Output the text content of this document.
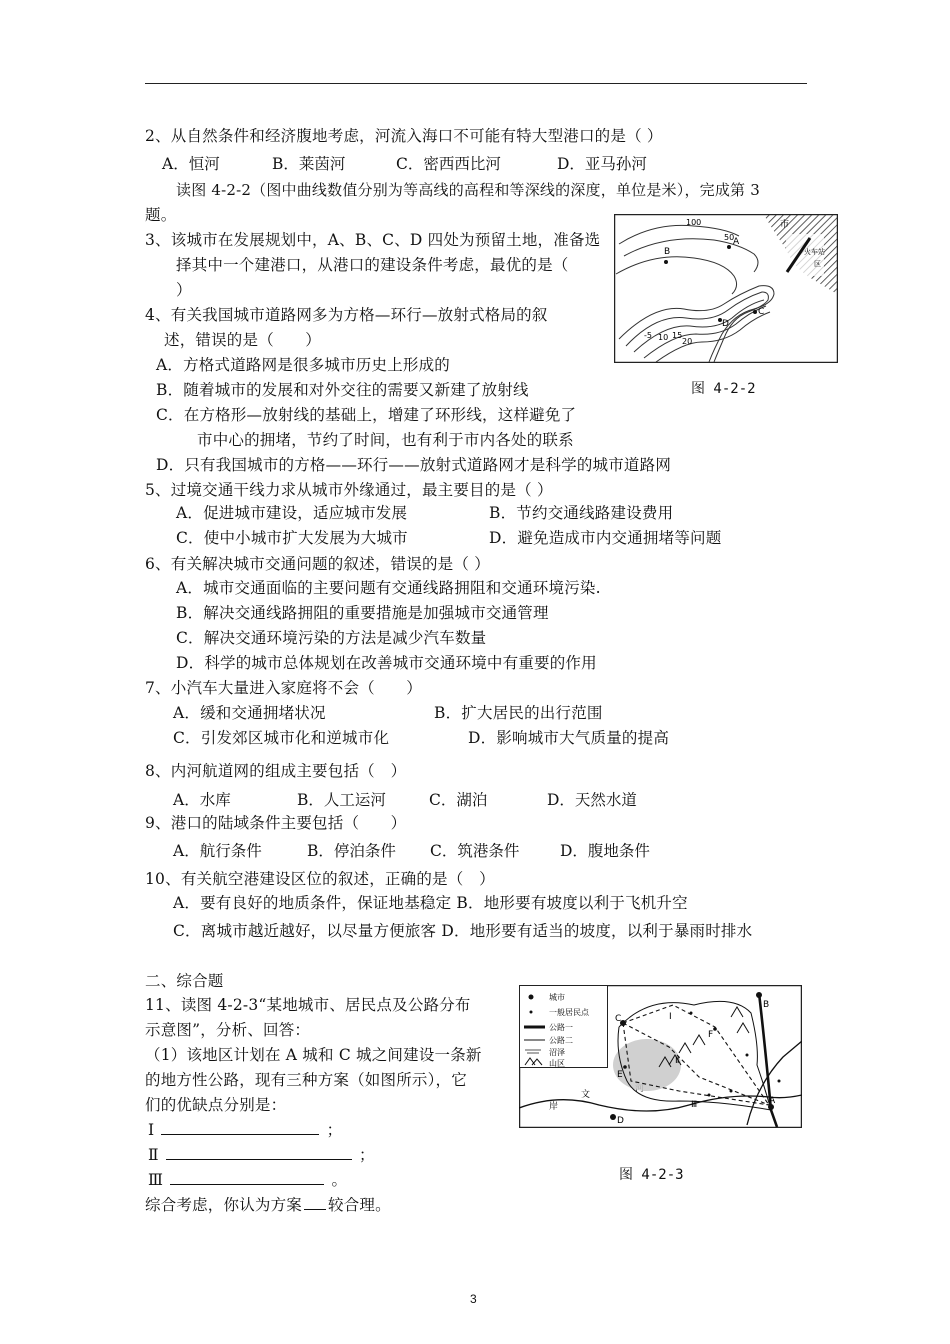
2、从自然条件和经济腹地考虑，河流入海口不可能有特大型港口的是（ ）
A．恒河	B．莱茵河	C．密西西比河	D．亚马孙河
读图 4-2-2（图中曲线数值分别为等高线的高程和等深线的深度，单位是米），完成第 3
题。
3、该城市在发展规划中，A、B、C、D 四处为预留土地，准备选
择其中一个建港口，从港口的建设条件考虑，最优的是（
）
4、有关我国城市道路网多为方格—环行—放射式格局的叙
述，错误的是（　　）
A．方格式道路网是很多城市历史上形成的
B．随着城市的发展和对外交往的需要又新建了放射线
C．在方格形—放射线的基础上，增建了环形线，这样避免了
市中心的拥堵，节约了时间，也有利于市内各处的联系
D．只有我国城市的方格——环行——放射式道路网才是科学的城市道路网
100
50
-5 10 15
20
A
B
C
D
市
火车站
区
图 4-2-2
5、过境交通干线力求从城市外缘通过，最主要目的是（ ）
A．促进城市建设，适应城市发展	B．节约交通线路建设费用
C．使中小城市扩大发展为大城市	D．避免造成市内交通拥堵等问题
6、有关解决城市交通问题的叙述，错误的是（ ）
A．城市交通面临的主要问题有交通线路拥阻和交通环境污染.
B．解决交通线路拥阻的重要措施是加强城市交通管理
C．解决交通环境污染的方法是减少汽车数量
D．科学的城市总体规划在改善城市交通环境中有重要的作用
7、小汽车大量进入家庭将不会（　　）
A．缓和交通拥堵状况	B．扩大居民的出行范围
C．引发郊区城市化和逆城市化	D．影响城市大气质量的提高
8、内河航道网的组成主要包括（　）
A．水库	B．人工运河	C．湖泊	D．天然水道
9、港口的陆域条件主要包括（　　）
A．航行条件	B．停泊条件 C．筑港条件	D．腹地条件
10、有关航空港建设区位的叙述，正确的是（　）
A．要有良好的地质条件，保证地基稳定 B．地形要有坡度以利于飞机升空
C．离城市越近越好，以尽量方便旅客 D．地形要有适当的坡度，以利于暴雨时排水
二、综合题
11、读图 4-2-3“某地城市、居民点及公路分布
示意图”，分析、回答：
（1）该地区计划在 A 城和 C 城之间建设一条新
的地方性公路，现有三种方案（如图所示），它
们的优缺点分别是：
Ⅰ	；
Ⅱ	；
Ⅲ	。
综合考虑，你认为方案 较合理。
城市
一般居民点
公路一
公路二
沼泽
山区
岸
文
C
A
B
D
E
F
Ⅰ
Ⅱ
Ⅲ
图 4-2-3
3
